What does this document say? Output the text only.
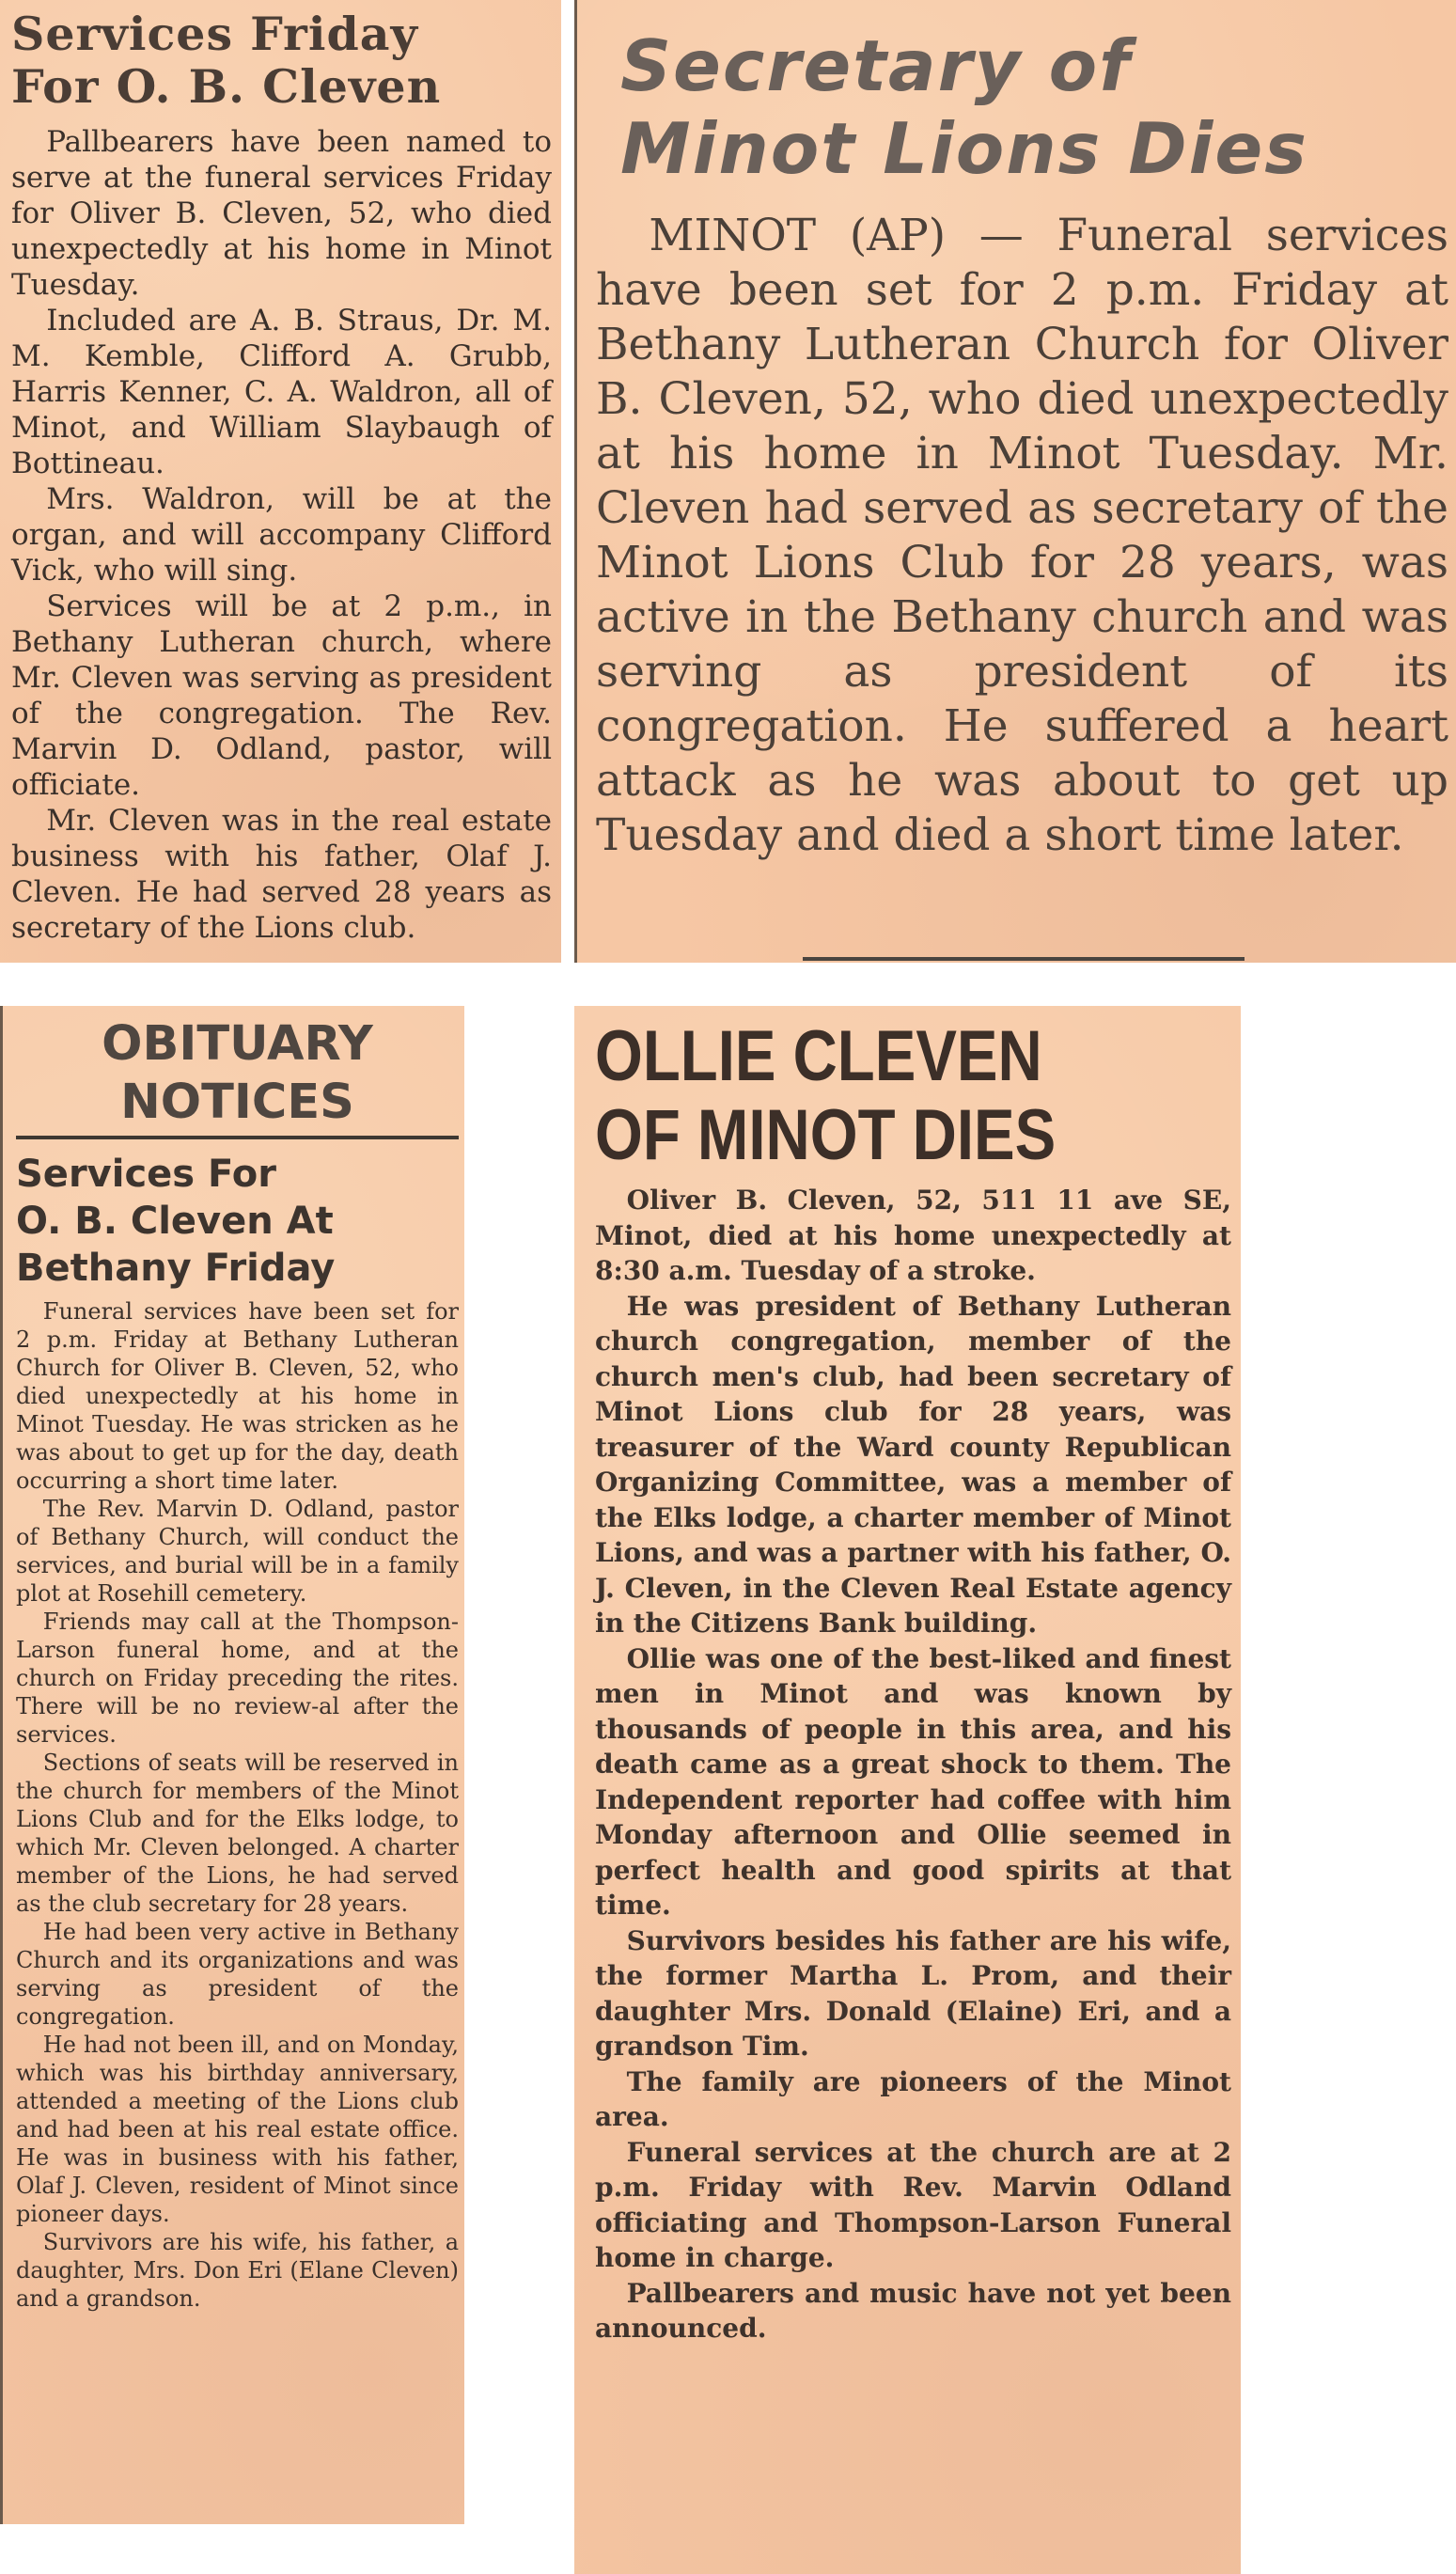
Services Friday
For O. B. Cleven

Pallbearers have been named to serve at the funeral services Friday for Oliver B. Cleven, 52, who died unexpectedly at his home in Minot Tuesday.

Included are A. B. Straus, Dr. M. M. Kemble, Clifford A. Grubb, Harris Kenner, C. A. Waldron, all of Minot, and William Slaybaugh of Bottineau.

Mrs. Waldron, will be at the organ, and will accompany Clifford Vick, who will sing.

Services will be at 2 p.m., in Bethany Lutheran church, where Mr. Cleven was serving as president of the congregation. The Rev. Marvin D. Odland, pastor, will officiate.

Mr. Cleven was in the real estate business with his father, Olaf J. Cleven. He had served 28 years as secretary of the Lions club.

Secretary of
Minot Lions Dies

MINOT (AP) — Funeral services have been set for 2 p.m. Friday at Bethany Lutheran Church for Oliver B. Cleven, 52, who died unexpectedly at his home in Minot Tuesday. Mr. Cleven had served as secretary of the Minot Lions Club for 28 years, was active in the Bethany church and was serving as president of its congregation. He suffered a heart attack as he was about to get up Tuesday and died a short time later.

OBITUARY
NOTICES
Services For
O. B. Cleven At
Bethany Friday

Funeral services have been set for 2 p.m. Friday at Bethany Lutheran Church for Oliver B. Cleven, 52, who died unexpectedly at his home in Minot Tuesday. He was stricken as he was about to get up for the day, death occurring a short time later.

The Rev. Marvin D. Odland, pastor of Bethany Church, will conduct the services, and burial will be in a family plot at Rosehill cemetery.

Friends may call at the Thompson-Larson funeral home, and at the church on Friday preceding the rites. There will be no review-al after the services.

Sections of seats will be reserved in the church for members of the Minot Lions Club and for the Elks lodge, to which Mr. Cleven belonged. A charter member of the Lions, he had served as the club secretary for 28 years.

He had been very active in Bethany Church and its organizations and was serving as president of the congregation.

He had not been ill, and on Monday, which was his birthday anniversary, attended a meeting of the Lions club and had been at his real estate office. He was in business with his father, Olaf J. Cleven, resident of Minot since pioneer days.

Survivors are his wife, his father, a daughter, Mrs. Don Eri (Elane Cleven) and a grandson.

OLLIE CLEVEN
OF MINOT DIES

Oliver B. Cleven, 52, 511 11 ave SE, Minot, died at his home unexpectedly at 8:30 a.m. Tuesday of a stroke.

He was president of Bethany Lutheran church congregation, member of the church men's club, had been secretary of Minot Lions club for 28 years, was treasurer of the Ward county Republican Organizing Committee, was a member of the Elks lodge, a charter member of Minot Lions, and was a partner with his father, O. J. Cleven, in the Cleven Real Estate agency in the Citizens Bank building.

Ollie was one of the best-liked and finest men in Minot and was known by thousands of people in this area, and his death came as a great shock to them. The Independent reporter had coffee with him Monday afternoon and Ollie seemed in perfect health and good spirits at that time.

Survivors besides his father are his wife, the former Martha L. Prom, and their daughter Mrs. Donald (Elaine) Eri, and a grandson Tim.

The family are pioneers of the Minot area.

Funeral services at the church are at 2 p.m. Friday with Rev. Marvin Odland officiating and Thompson-Larson Funeral home in charge.

Pallbearers and music have not yet been announced.
